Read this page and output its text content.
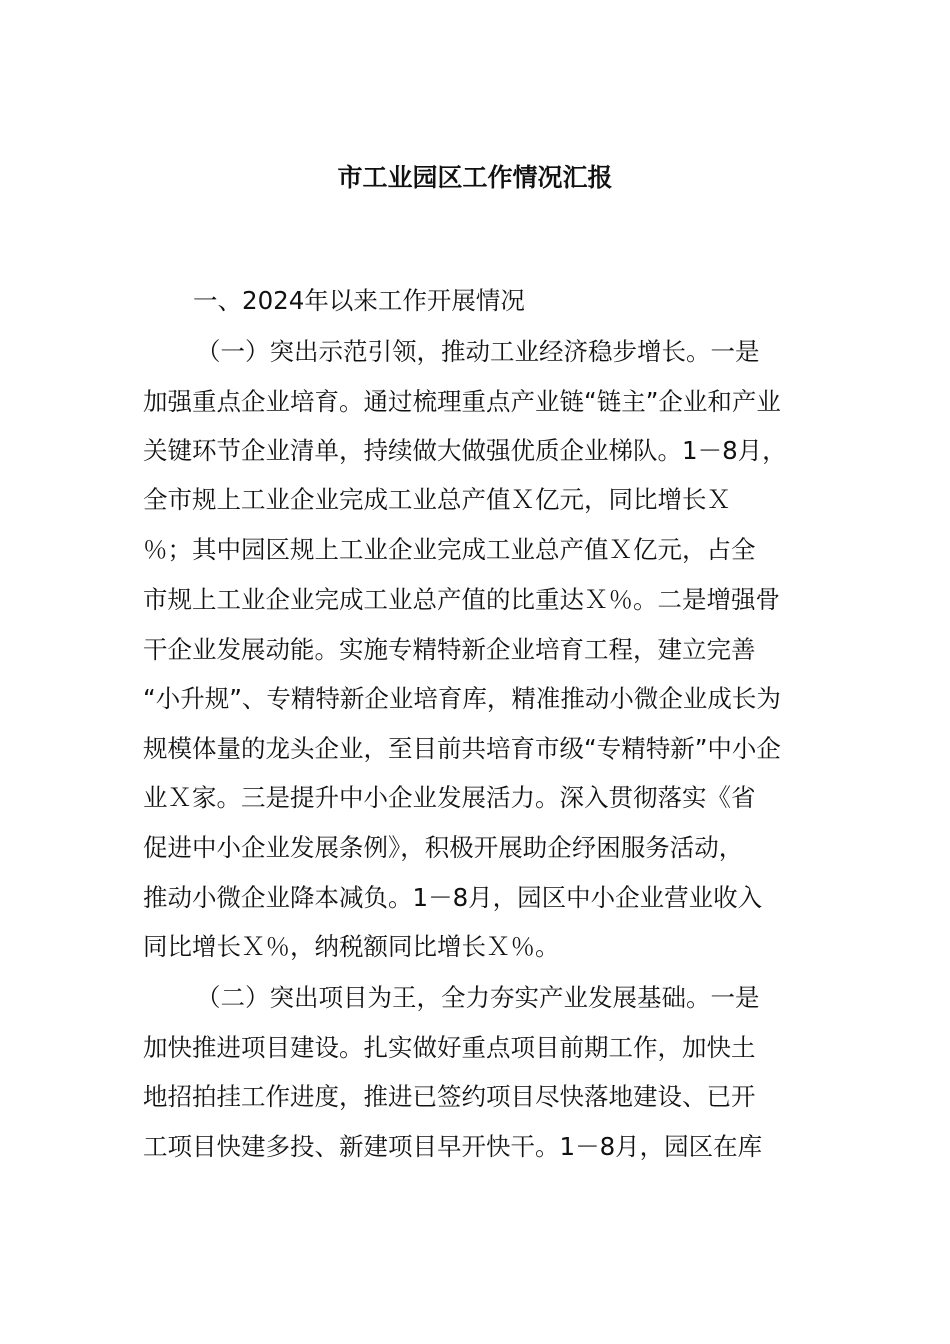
市工业园区工作情况汇报
一、2024年以来工作开展情况
（一）突出示范引领，推动工业经济稳步增长。一是
加强重点企业培育。通过梳理重点产业链“链主”企业和产业
关键环节企业清单，持续做大做强优质企业梯队。1－8月，
全市规上工业企业完成工业总产值Ｘ亿元，同比增长Ｘ
％；其中园区规上工业企业完成工业总产值Ｘ亿元，占全
市规上工业企业完成工业总产值的比重达Ｘ％。二是增强骨
干企业发展动能。实施专精特新企业培育工程，建立完善
“小升规”、专精特新企业培育库，精准推动小微企业成长为
规模体量的龙头企业，至目前共培育市级“专精特新”中小企
业Ｘ家。三是提升中小企业发展活力。深入贯彻落实《省
促进中小企业发展条例》，积极开展助企纾困服务活动，
推动小微企业降本减负。1－8月，园区中小企业营业收入
同比增长Ｘ％，纳税额同比增长Ｘ％。
（二）突出项目为王，全力夯实产业发展基础。一是
加快推进项目建设。扎实做好重点项目前期工作，加快土
地招拍挂工作进度，推进已签约项目尽快落地建设、已开
工项目快建多投、新建项目早开快干。1－8月，园区在库
